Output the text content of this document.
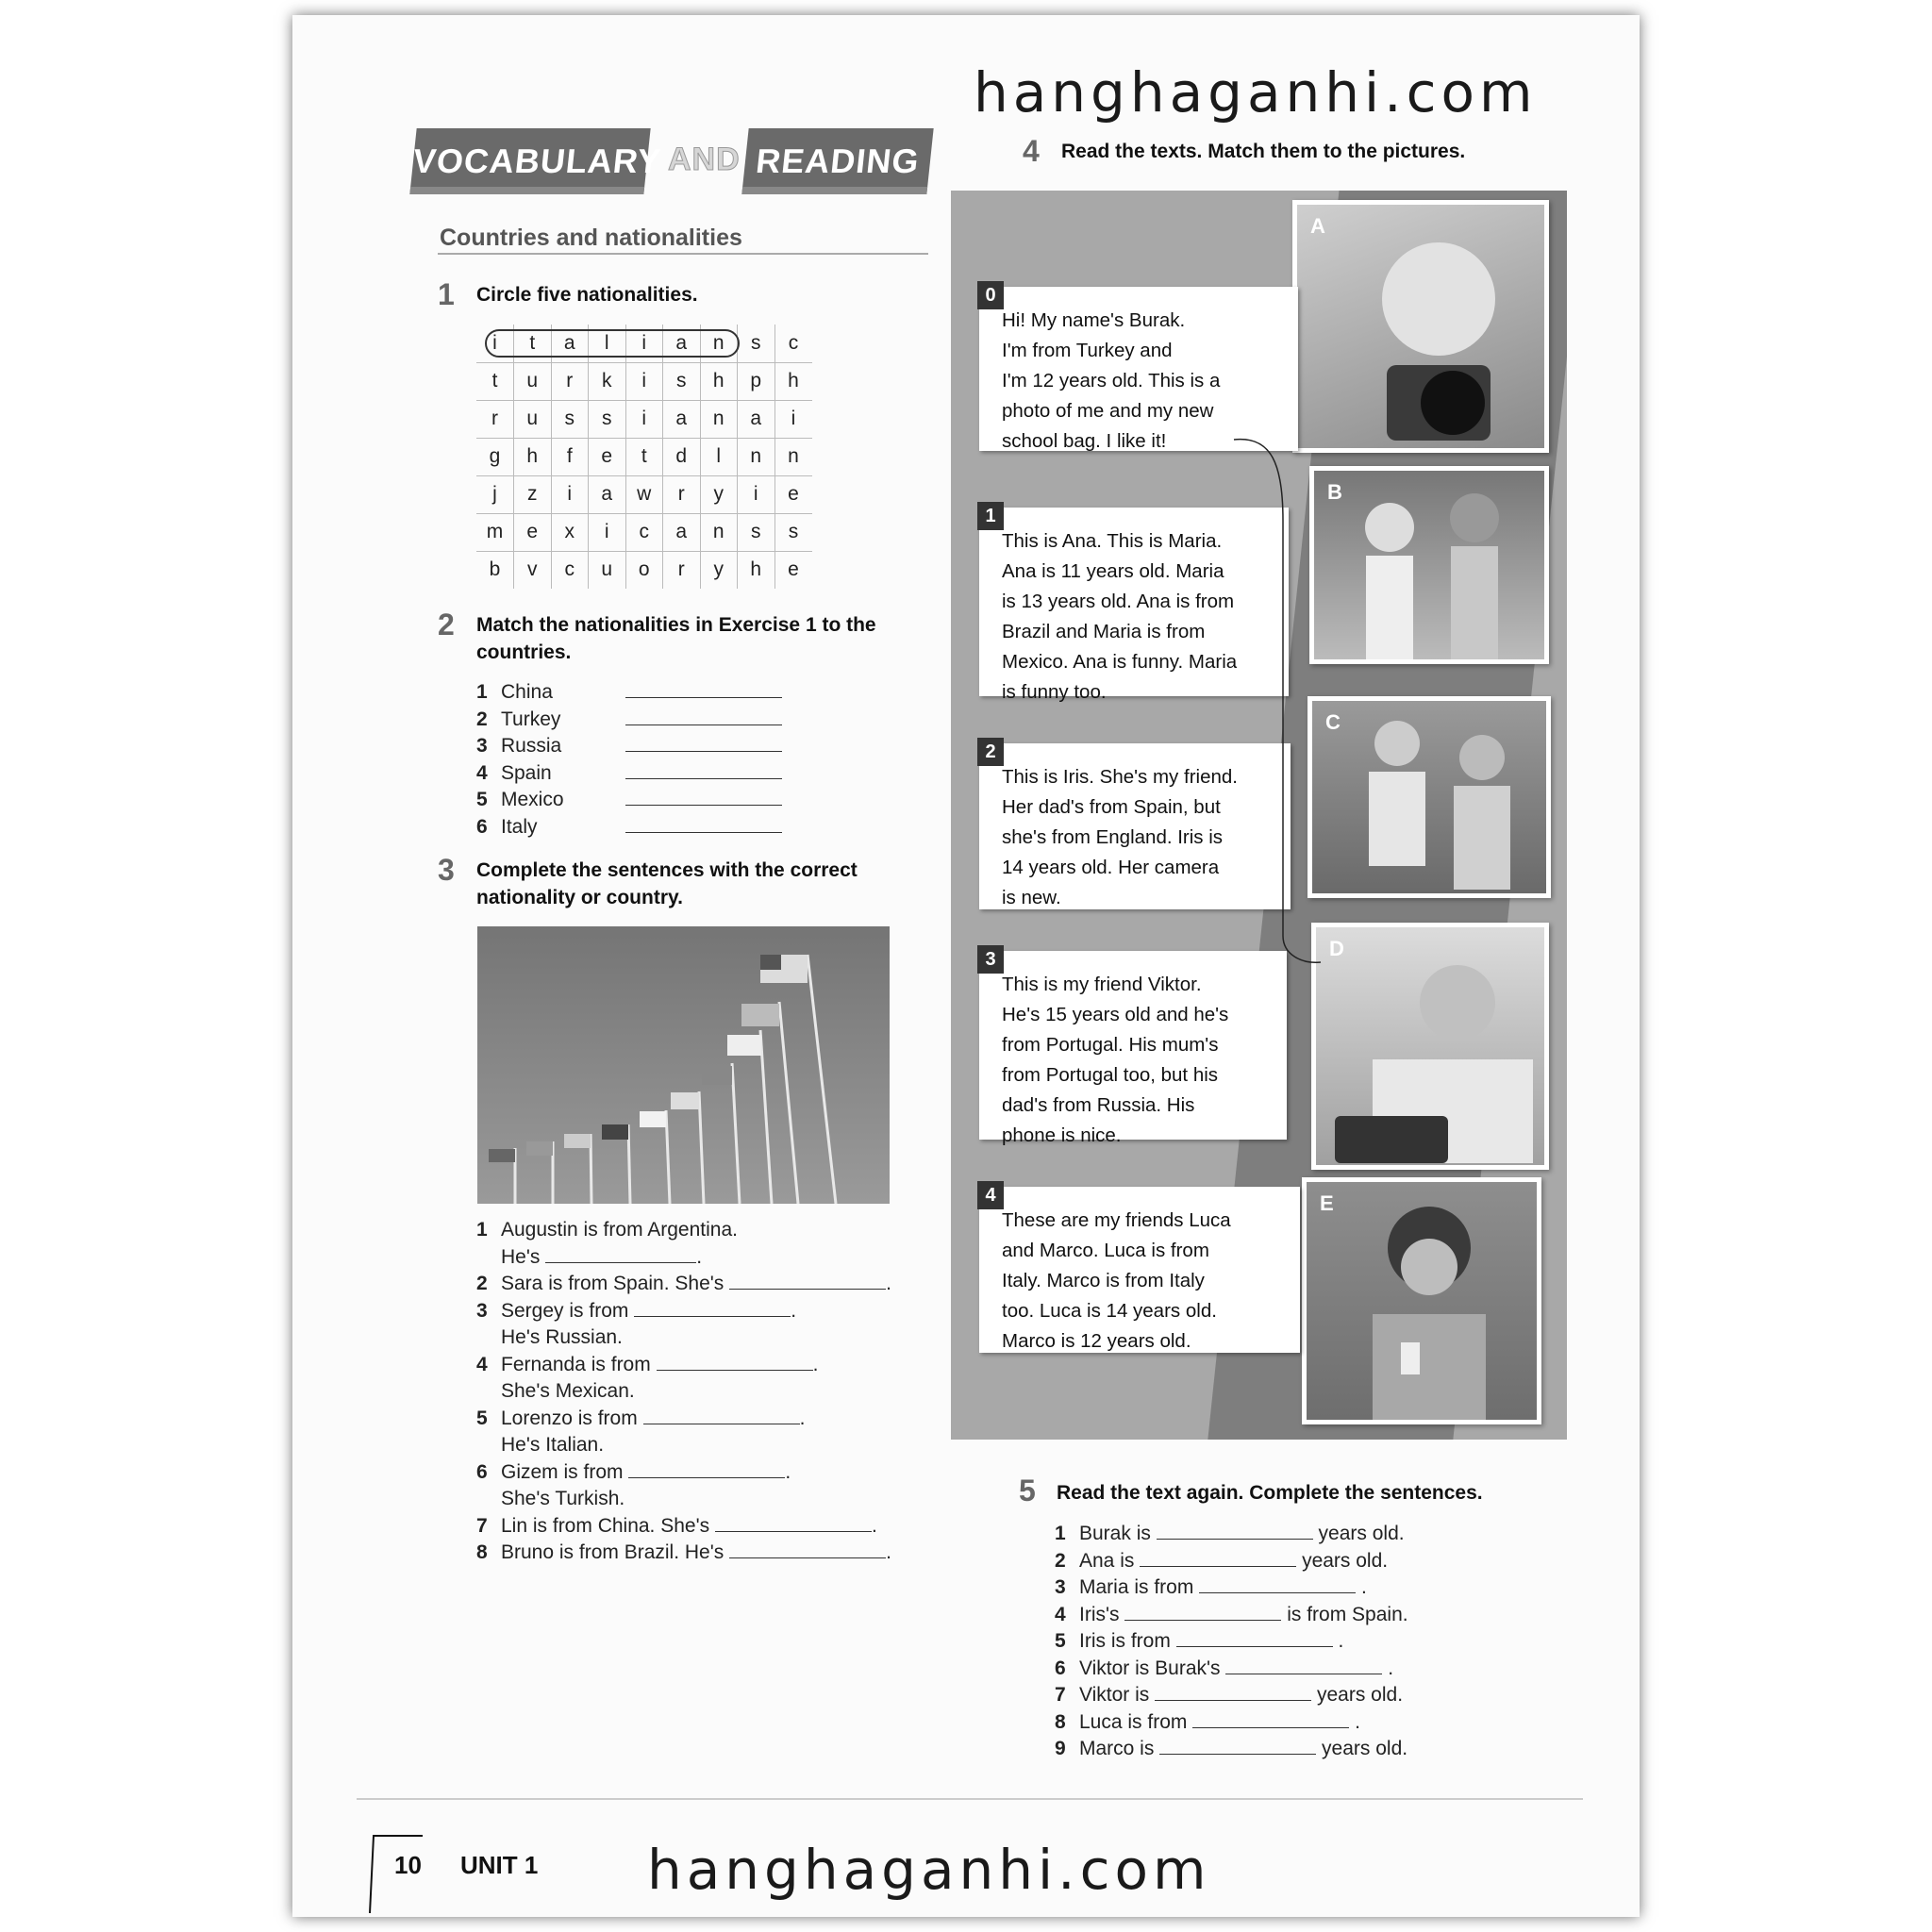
VOCABULARY AND READING
Countries and nationalities
1 Circle five nationalities.
i	t	a	l	i	a	n	s	c
t	u	r	k	i	s	h	p	h
r	u	s	s	i	a	n	a	i
g	h	f	e	t	d	l	n	n
j	z	i	a	w	r	y	i	e
m	e	x	i	c	a	n	s	s
b	v	c	u	o	r	y	h	e
2 Match the nationalities in Exercise 1 to the countries.
1 China
2 Turkey
3 Russia
4 Spain
5 Mexico
6 Italy
3 Complete the sentences with the correct nationality or country.
1 Augustin is from Argentina.
He's	.
2 Sara is from Spain. She's	.
3 Sergey is from	.
He's Russian.
4 Fernanda is from	.
She's Mexican.
5 Lorenzo is from	.
He's Italian.
6 Gizem is from	.
She's Turkish.
7 Lin is from China. She's	.
8 Bruno is from Brazil. He's	.
4 Read the texts. Match them to the pictures.
A
B
C
D
E
0
Hi! My name's Burak.
I'm from Turkey and
I'm 12 years old. This is a
photo of me and my new
school bag. I like it!
1
This is Ana. This is Maria.
Ana is 11 years old. Maria
is 13 years old. Ana is from
Brazil and Maria is from
Mexico. Ana is funny. Maria
is funny too.
2
This is Iris. She's my friend.
Her dad's from Spain, but
she's from England. Iris is
14 years old. Her camera
is new.
3
This is my friend Viktor.
He's 15 years old and he's
from Portugal. His mum's
from Portugal too, but his
dad's from Russia. His
phone is nice.
4
These are my friends Luca
and Marco. Luca is from
Italy. Marco is from Italy
too. Luca is 14 years old.
Marco is 12 years old.
5 Read the text again. Complete the sentences.
1 Burak is

	years old.
2 Ana is

	years old.
3 Maria is from

	.
4 Iris's

	is from Spain.
5 Iris is from

	.
6 Viktor is Burak's

	.
7 Viktor is

	years old.
8 Luca is from

	.
9 Marco is

	years old.
10 UNIT 1
hanghaganhi.com
hanghaganhi.com
